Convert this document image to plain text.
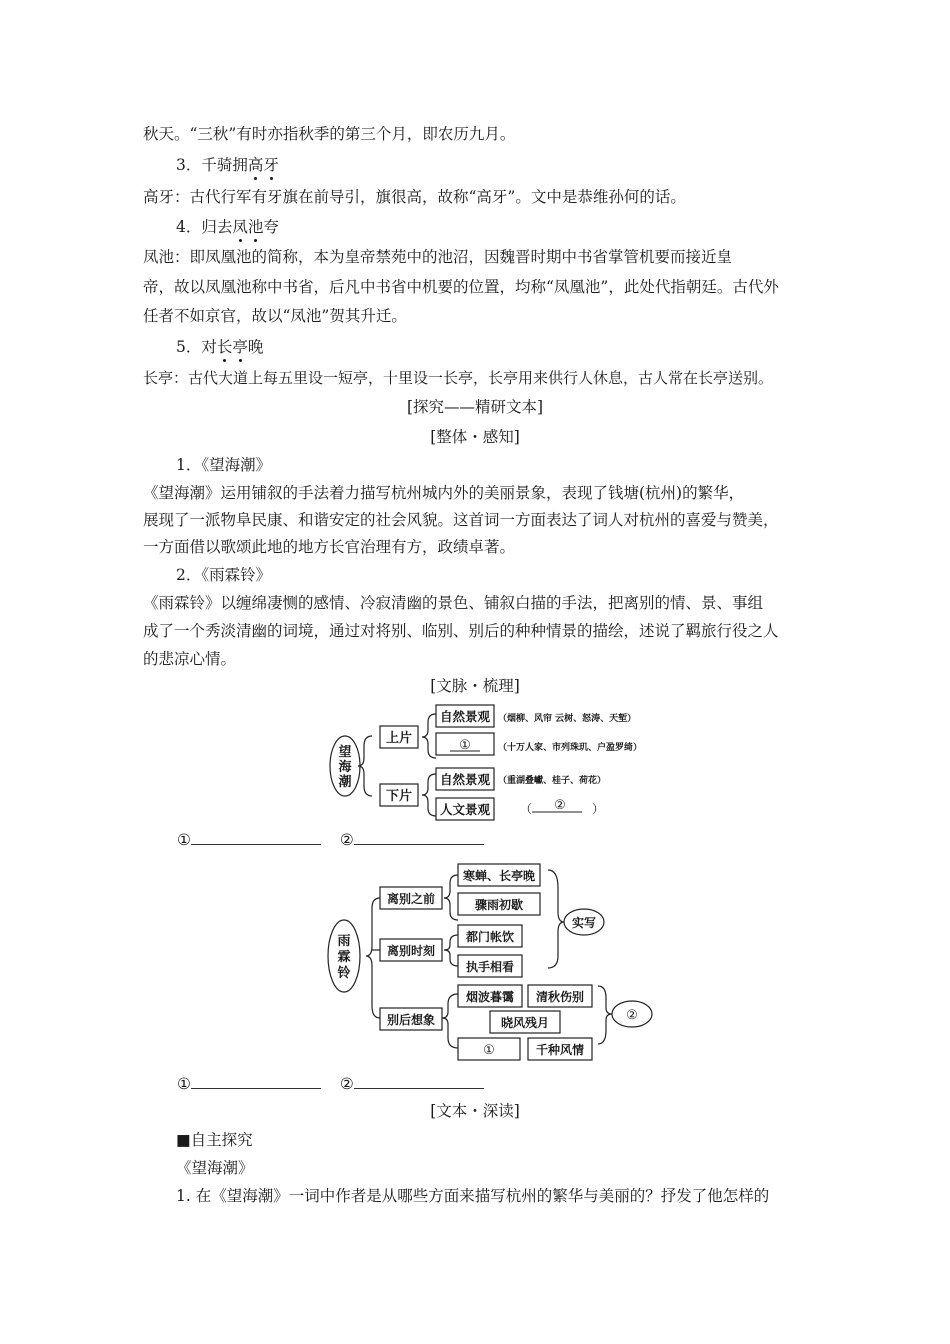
秋天。“三秋”有时亦指秋季的第三个月，即农历九月。
3．千骑拥高牙
高牙：古代行军有牙旗在前导引，旗很高，故称“高牙”。文中是恭维孙何的话。
4．归去凤池夸
凤池：即凤凰池的简称，本为皇帝禁苑中的池沼，因魏晋时期中书省掌管机要而接近皇
帝，故以凤凰池称中书省，后凡中书省中机要的位置，均称“凤凰池”，此处代指朝廷。古代外
任者不如京官，故以“凤池”贺其升迁。
5．对长亭晚
长亭：古代大道上每五里设一短亭，十里设一长亭，长亭用来供行人休息，古人常在长亭送别。
[探究——精研文本]
[整体・感知]
1．《望海潮》
《望海潮》运用铺叙的手法着力描写杭州城内外的美丽景象，表现了钱塘(杭州)的繁华，
展现了一派物阜民康、和谐安定的社会风貌。这首词一方面表达了词人对杭州的喜爱与赞美，
一方面借以歌颂此地的地方长官治理有方，政绩卓著。
2．《雨霖铃》
《雨霖铃》以缠绵凄恻的感情、冷寂清幽的景色、铺叙白描的手法，把离别的情、景、事组
成了一个秀淡清幽的词境，通过对将别、临别、别后的种种情景的描绘，述说了羁旅行役之人
的悲凉心情。
[文脉・梳理]
望
海
潮
上片
下片
自然景观
①
自然景观
人文景观
（烟柳、风帘 云树、怒涛、天堑）
（十万人家、市列珠玑、户盈罗绮）
（重湖叠巘、桂子、荷花）
（ ② ）
①	②
雨
霖
铃
离别之前
离别时刻
别后想象
寒蝉、长亭晚
骤雨初歇
都门帐饮
执手相看
烟波暮霭 清秋伤别
晓风残月
①	千种风情
实写
②
①	②
[文本・深读]
■自主探究
《望海潮》
1. 在《望海潮》一词中作者是从哪些方面来描写杭州的繁华与美丽的？抒发了他怎样的
